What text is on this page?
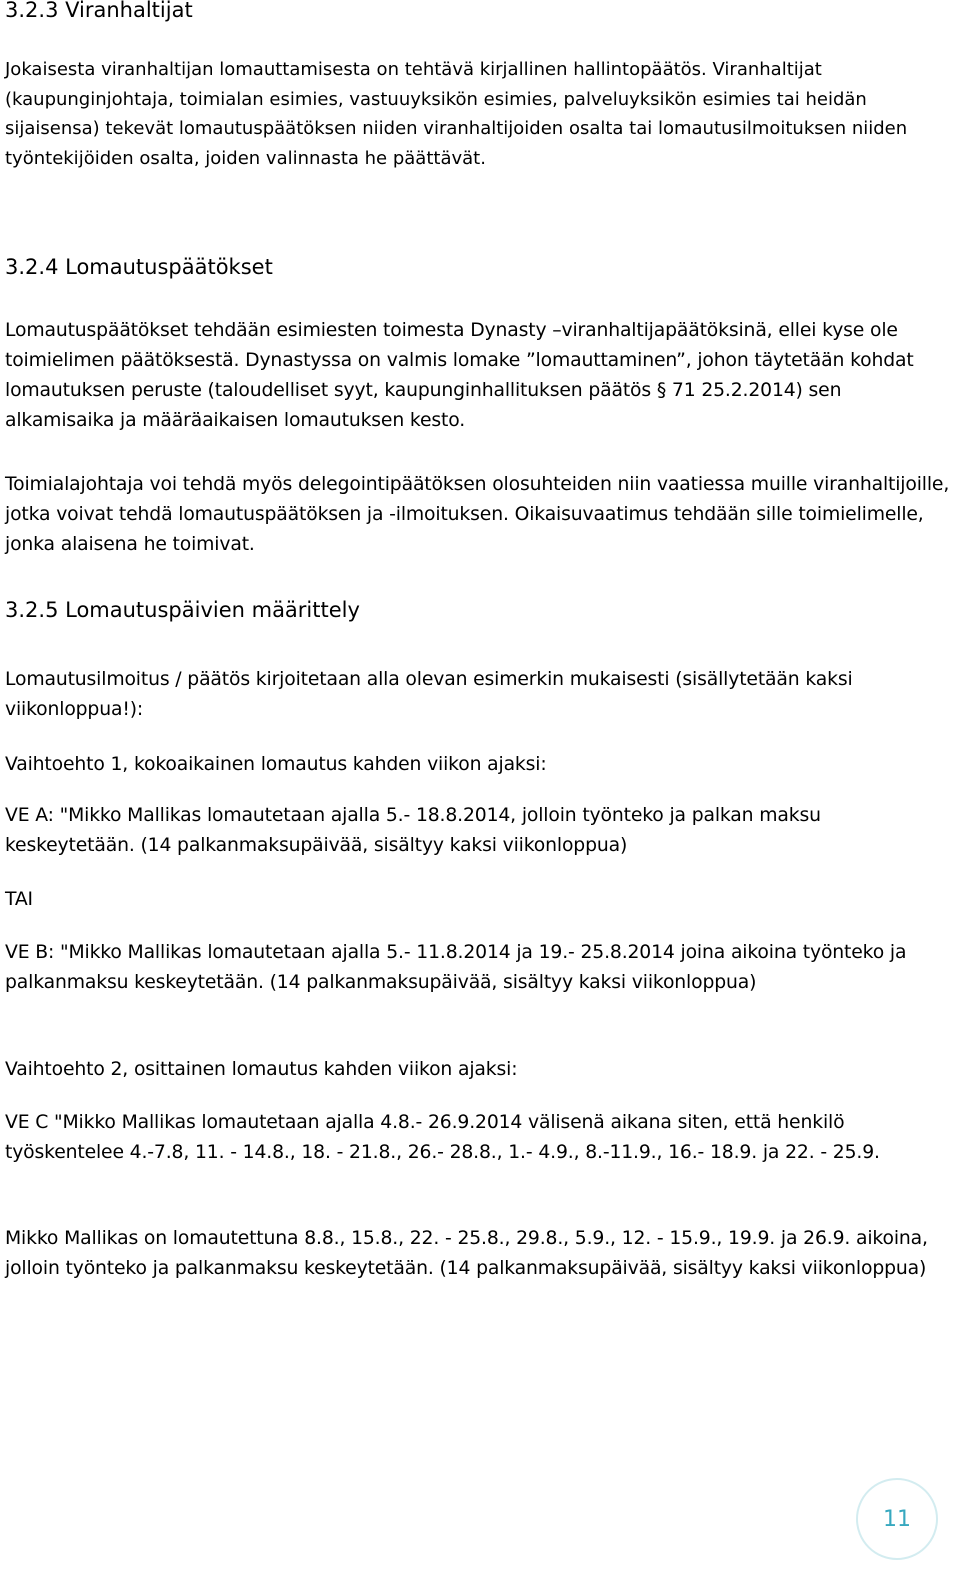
3.2.3 Viranhaltijat

Jokaisesta viranhaltijan lomauttamisesta on tehtävä kirjallinen hallintopäätös. Viranhaltijat (kaupunginjohtaja, toimialan esimies, vastuuyksikön esimies, palveluyksikön esimies tai heidän sijaisensa) tekevät lomautuspäätöksen niiden viranhaltijoiden osalta tai lomautusilmoituksen niiden työntekijöiden osalta, joiden valinnasta he päättävät.

3.2.4 Lomautuspäätökset

Lomautuspäätökset tehdään esimiesten toimesta Dynasty –viranhaltijapäätöksinä, ellei kyse ole toimielimen päätöksestä. Dynastyssa on valmis lomake ”lomauttaminen”, johon täytetään kohdat lomautuksen peruste (taloudelliset syyt, kaupunginhallituksen päätös § 71 25.2.2014) sen alkamisaika ja määräaikaisen lomautuksen kesto.

Toimialajohtaja voi tehdä myös delegointipäätöksen olosuhteiden niin vaatiessa muille viranhaltijoille, jotka voivat tehdä lomautuspäätöksen ja -ilmoituksen. Oikaisuvaatimus tehdään sille toimielimelle, jonka alaisena he toimivat.

3.2.5 Lomautuspäivien määrittely

Lomautusilmoitus / päätös kirjoitetaan alla olevan esimerkin mukaisesti (sisällytetään kaksi viikonloppua!):

Vaihtoehto 1, kokoaikainen lomautus kahden viikon ajaksi:

VE A: "Mikko Mallikas lomautetaan ajalla 5.- 18.8.2014, jolloin työnteko ja palkan maksu keskeytetään. (14 palkanmaksupäivää, sisältyy kaksi viikonloppua)

TAI

VE B: "Mikko Mallikas lomautetaan ajalla 5.- 11.8.2014 ja 19.- 25.8.2014 joina aikoina työnteko ja palkanmaksu keskeytetään. (14 palkanmaksupäivää, sisältyy kaksi viikonloppua)

Vaihtoehto 2, osittainen lomautus kahden viikon ajaksi:

VE C "Mikko Mallikas lomautetaan ajalla 4.8.- 26.9.2014 välisenä aikana siten, että henkilö työskentelee 4.-7.8, 11. - 14.8., 18. - 21.8., 26.- 28.8., 1.- 4.9., 8.-11.9., 16.- 18.9. ja 22. - 25.9.

Mikko Mallikas on lomautettuna 8.8., 15.8., 22. - 25.8., 29.8., 5.9., 12. - 15.9., 19.9. ja 26.9. aikoina, jolloin työnteko ja palkanmaksu keskeytetään. (14 palkanmaksupäivää, sisältyy kaksi viikonloppua)

11
